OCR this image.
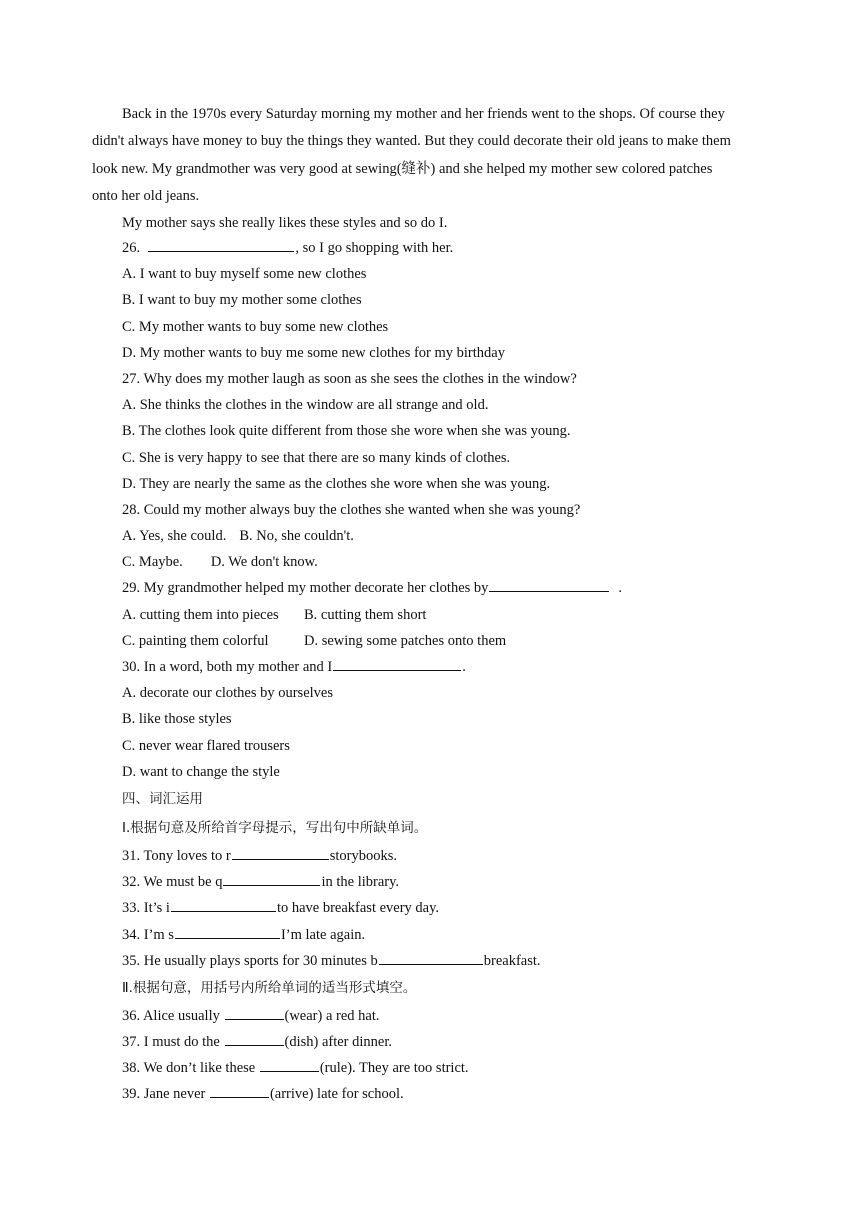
Back in the 1970s every Saturday morning my mother and her friends went to the shops. Of course they didn't always have money to buy the things they wanted. But they could decorate their old jeans to make them look new. My grandmother was very good at sewing(缝补) and she helped my mother sew colored patches onto her old jeans.

My mother says she really likes these styles and so do I.

26.	, so I go shopping with her.
A. I want to buy myself some new clothes
B. I want to buy my mother some clothes
C. My mother wants to buy some new clothes
D. My mother wants to buy me some new clothes for my birthday
27. Why does my mother laugh as soon as she sees the clothes in the window?
A. She thinks the clothes in the window are all strange and old.
B. The clothes look quite different from those she wore when she was young.
C. She is very happy to see that there are so many kinds of clothes.
D. They are nearly the same as the clothes she wore when she was young.
28. Could my mother always buy the clothes she wanted when she was young?
A. Yes, she could. B. No, she couldn't.
C. Maybe. D. We don't know.
29. My grandmother helped my mother decorate her clothes by	.
A. cutting them into pieces B. cutting them short
C. painting them colorful D. sewing some patches onto them
30. In a word, both my mother and I	.
A. decorate our clothes by ourselves
B. like those styles
C. never wear flared trousers
D. want to change the style
四、词汇运用
Ⅰ.根据句意及所给首字母提示，写出句中所缺单词。
31. Tony loves to r	storybooks.
32. We must be q	in the library.
33. It’s i	to have breakfast every day.
34. I’m s	I’m late again.
35. He usually plays sports for 30 minutes b	breakfast.
Ⅱ.根据句意，用括号内所给单词的适当形式填空。
36. Alice usually	(wear) a red hat.
37. I must do the	(dish) after dinner.
38. We don’t like these	(rule). They are too strict.
39. Jane never	(arrive) late for school.
